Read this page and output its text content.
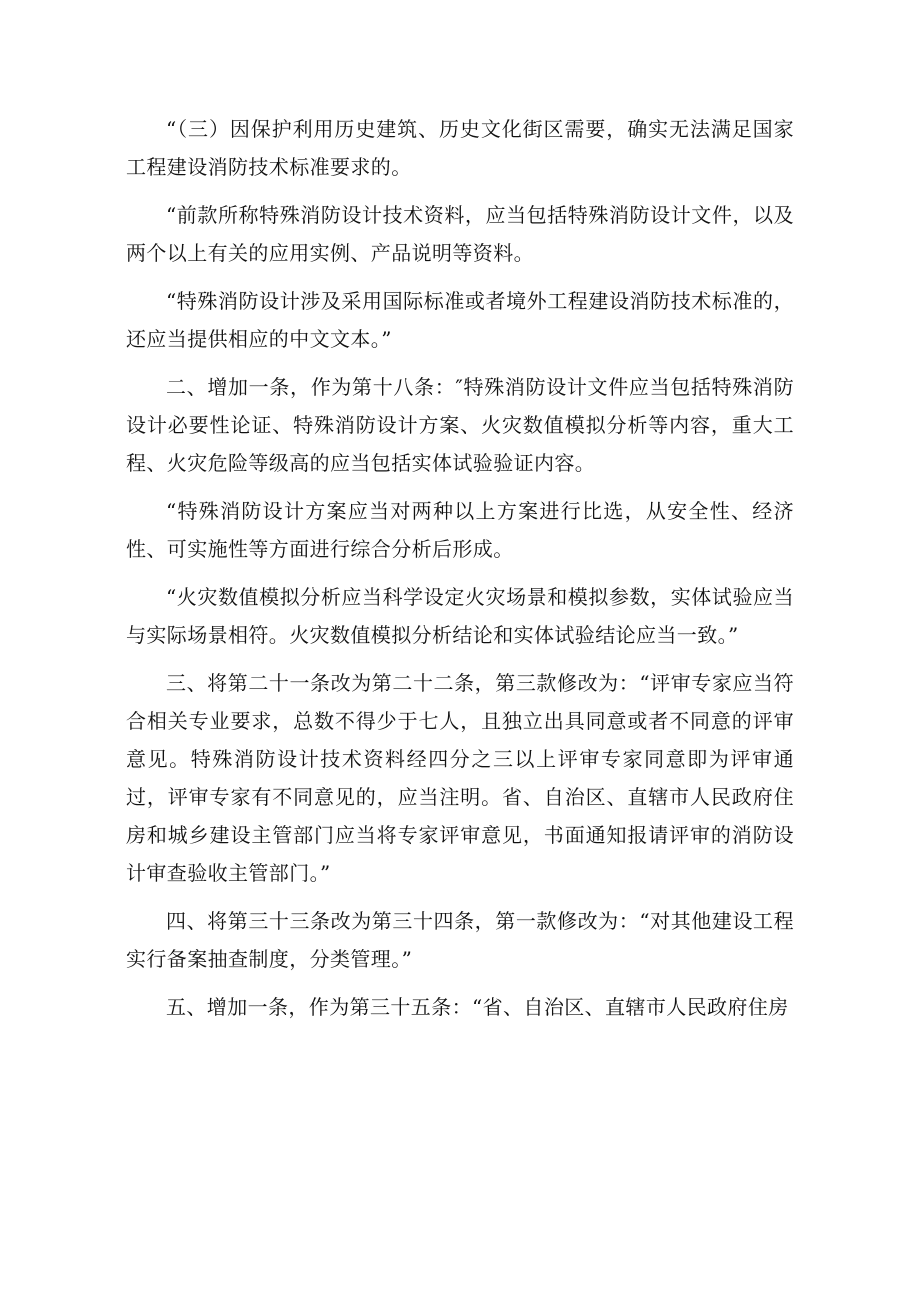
“（三）因保护利用历史建筑、历史文化街区需要，确实无法满足国家工程建设消防技术标准要求的。

“前款所称特殊消防设计技术资料，应当包括特殊消防设计文件，以及两个以上有关的应用实例、产品说明等资料。

“特殊消防设计涉及采用国际标准或者境外工程建设消防技术标准的，还应当提供相应的中文文本。”

二、增加一条，作为第十八条：″特殊消防设计文件应当包括特殊消防设计必要性论证、特殊消防设计方案、火灾数值模拟分析等内容，重大工程、火灾危险等级高的应当包括实体试验验证内容。

“特殊消防设计方案应当对两种以上方案进行比选，从安全性、经济性、可实施性等方面进行综合分析后形成。

“火灾数值模拟分析应当科学设定火灾场景和模拟参数，实体试验应当与实际场景相符。火灾数值模拟分析结论和实体试验结论应当一致。”

三、将第二十一条改为第二十二条，第三款修改为：“评审专家应当符合相关专业要求，总数不得少于七人，且独立出具同意或者不同意的评审意见。特殊消防设计技术资料经四分之三以上评审专家同意即为评审通过，评审专家有不同意见的，应当注明。省、自治区、直辖市人民政府住房和城乡建设主管部门应当将专家评审意见，书面通知报请评审的消防设计审查验收主管部门。”

四、将第三十三条改为第三十四条，第一款修改为：“对其他建设工程实行备案抽查制度，分类管理。”

五、增加一条，作为第三十五条：“省、自治区、直辖市人民政府住房
